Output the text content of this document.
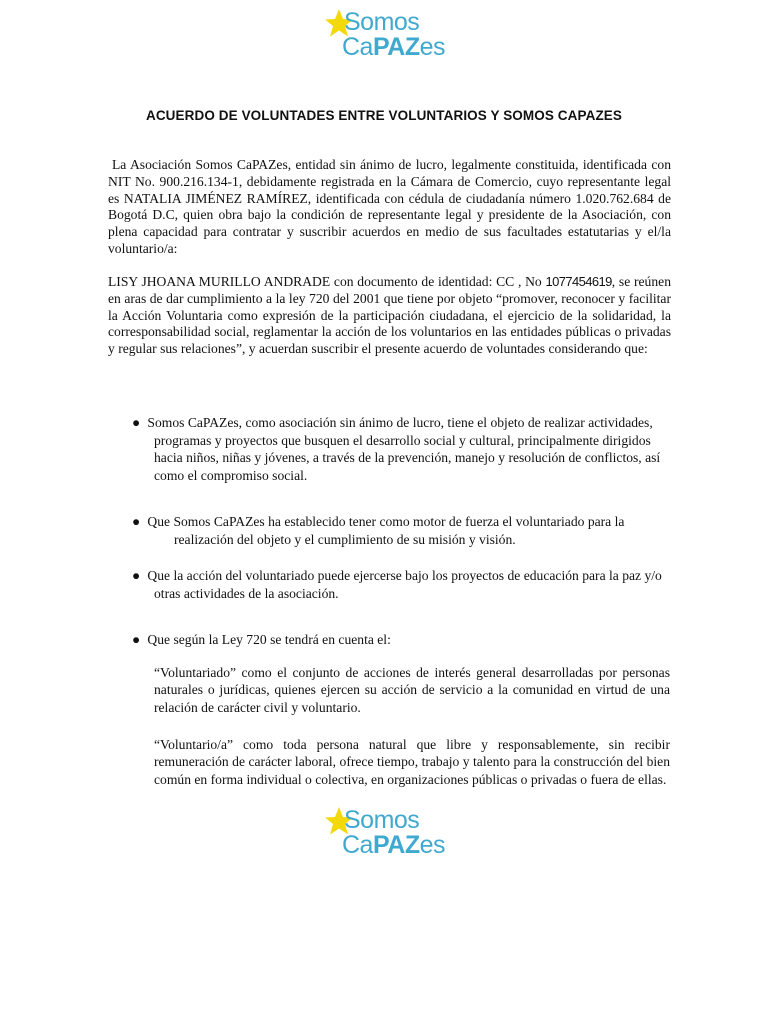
Somos
CaPAZes
ACUERDO DE VOLUNTADES ENTRE VOLUNTARIOS Y SOMOS CAPAZES

La Asociación Somos CaPAZes, entidad sin ánimo de lucro, legalmente constituida, identificada con NIT No. 900.216.134-1, debidamente registrada en la Cámara de Comercio, cuyo representante legal es NATALIA JIMÉNEZ RAMÍREZ, identificada con cédula de ciudadanía número 1.020.762.684 de Bogotá D.C, quien obra bajo la condición de representante legal y presidente de la Asociación, con plena capacidad para contratar y suscribir acuerdos en medio de sus facultades estatutarias y el/la voluntario/a:

LISY JHOANA MURILLO ANDRADE con documento de identidad: CC , No 1077454619, se reúnen en aras de dar cumplimiento a la ley 720 del 2001 que tiene por objeto “promover, reconocer y facilitar la Acción Voluntaria como expresión de la participación ciudadana, el ejercicio de la solidaridad, la corresponsabilidad social, reglamentar la acción de los voluntarios en las entidades públicas o privadas y regular sus relaciones”, y acuerdan suscribir el presente acuerdo de voluntades considerando que:

● Somos CaPAZes, como asociación sin ánimo de lucro, tiene el objeto de realizar actividades,
programas y proyectos que busquen el desarrollo social y cultural, principalmente dirigidos hacia niños, niñas y jóvenes, a través de la prevención, manejo y resolución de conflictos, así como el compromiso social.

● Que Somos CaPAZes ha establecido tener como motor de fuerza el voluntariado para la
realización del objeto y el cumplimiento de su misión y visión.

● Que la acción del voluntariado puede ejercerse bajo los proyectos de educación para la paz y/o
otras actividades de la asociación.

● Que según la Ley 720 se tendrá en cuenta el:

“Voluntariado” como el conjunto de acciones de interés general desarrolladas por personas naturales o jurídicas, quienes ejercen su acción de servicio a la comunidad en virtud de una relación de carácter civil y voluntario.

“Voluntario/a” como toda persona natural que libre y responsablemente, sin recibir remuneración de carácter laboral, ofrece tiempo, trabajo y talento para la construcción del bien común en forma individual o colectiva, en organizaciones públicas o privadas o fuera de ellas.

Somos
CaPAZes
